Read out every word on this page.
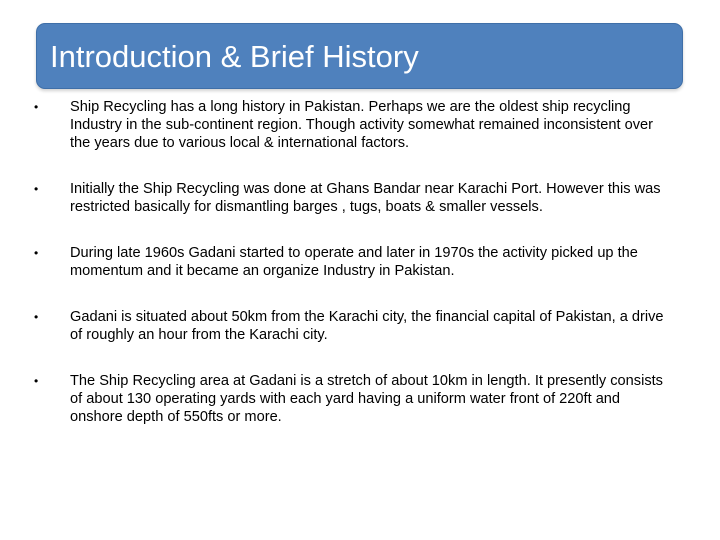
Introduction & Brief History
• Ship Recycling has a long history in Pakistan. Perhaps we are the oldest ship recycling Industry in the sub-continent region. Though activity somewhat remained inconsistent over the years due to various local & international factors.
• Initially the Ship Recycling was done at Ghans Bandar near Karachi Port. However this was restricted basically for dismantling barges , tugs, boats & smaller vessels.
• During late 1960s Gadani started to operate and later in 1970s the activity picked up the momentum and it became an organize Industry in Pakistan.
• Gadani is situated about 50km from the Karachi city, the financial capital of Pakistan, a drive of roughly an hour from the Karachi city.
• The Ship Recycling area at Gadani is a stretch of about 10km in length. It presently consists of about 130 operating yards with each yard having a uniform water front of 220ft and onshore depth of 550fts or more.
